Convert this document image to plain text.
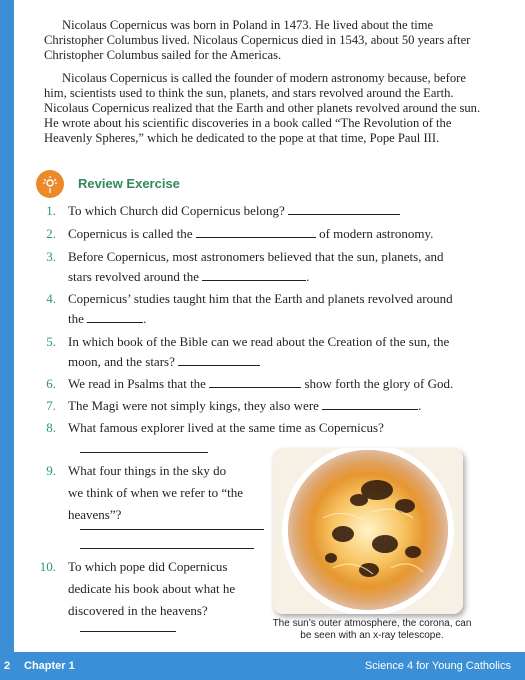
Nicolaus Copernicus was born in Poland in 1473. He lived about the time Christopher Columbus lived. Nicolaus Copernicus died in 1543, about 50 years after Christopher Columbus sailed for the Americas.

Nicolaus Copernicus is called the founder of modern astronomy because, before him, scientists used to think the sun, planets, and stars revolved around the Earth. Nicolaus Copernicus realized that the Earth and other planets revolved around the sun. He wrote about his scientific discoveries in a book called “The Revolution of the Heavenly Spheres,” which he dedicated to the pope at that time, Pope Paul III.

Review Exercise
1. To which Church did Copernicus belong?
2. Copernicus is called the	of modern astronomy.
3. Before Copernicus, most astronomers believed that the sun, planets, and
stars revolved around the	.
4. Copernicus’ studies taught him that the Earth and planets revolved around
the	.
5. In which book of the Bible can we read about the Creation of the sun, the
moon, and the stars?
6. We read in Psalms that the	show forth the glory of God.
7. The Magi were not simply kings, they also were	.
8. What famous explorer lived at the same time as Copernicus?
9. What four things in the sky do
we think of when we refer to “the
heavens”?
10. To which pope did Copernicus
dedicate his book about what he
discovered in the heavens?
The sun’s outer atmosphere, the corona, can be seen with an x-ray telescope.
2 Chapter 1	Science 4 for Young Catholics
